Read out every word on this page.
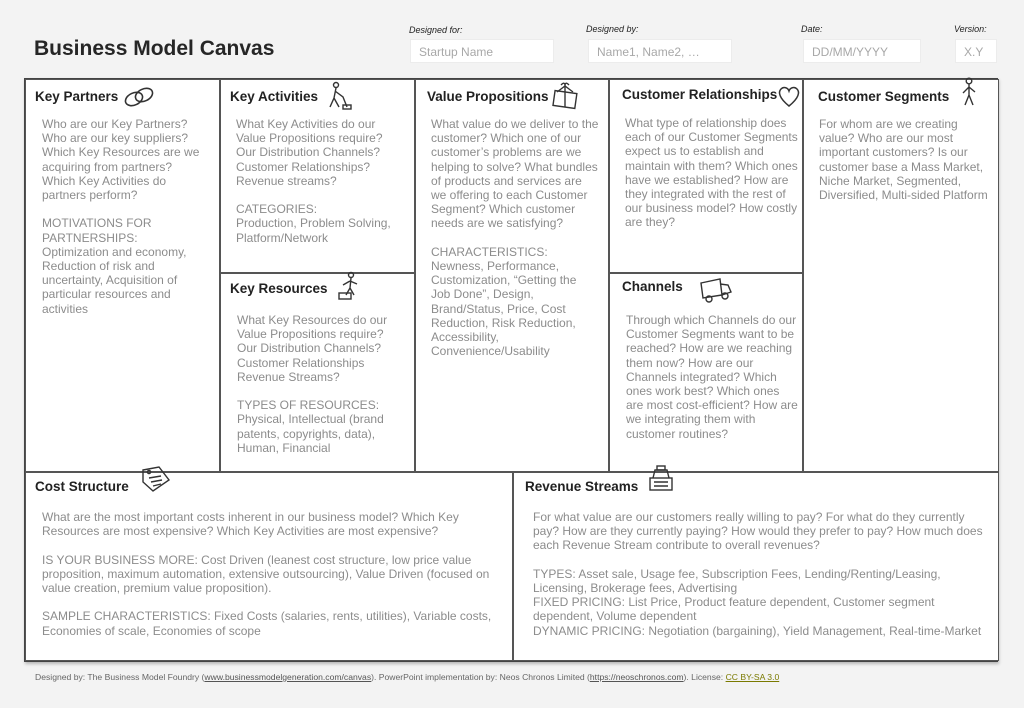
Business Model Canvas
Designed for:
Startup Name
Designed by:
Name1, Name2, …
Date:
DD/MM/YYYY
Version:
X.Y
Key Partners
Who are our Key Partners?
Who are our key suppliers?
Which Key Resources are we acquiring from partners?
Which Key Activities do partners perform?

MOTIVATIONS FOR PARTNERSHIPS:
Optimization and economy, Reduction of risk and uncertainty, Acquisition of particular resources and activities
Key Activities
What Key Activities do our Value Propositions require?
Our Distribution Channels?
Customer Relationships?
Revenue streams?

CATEGORIES:
Production, Problem Solving, Platform/Network
Key Resources
What Key Resources do our Value Propositions require?
Our Distribution Channels?
Customer Relationships
Revenue Streams?

TYPES OF RESOURCES:
Physical, Intellectual (brand patents, copyrights, data), Human, Financial
Value Propositions
What value do we deliver to the customer? Which one of our customer’s problems are we helping to solve? What bundles of products and services are we offering to each Customer Segment? Which customer needs are we satisfying?

CHARACTERISTICS:
Newness, Performance, Customization, “Getting the Job Done”, Design, Brand/Status, Price, Cost Reduction, Risk Reduction, Accessibility, Convenience/Usability
Customer Relationships
What type of relationship does each of our Customer Segments expect us to establish and maintain with them? Which ones have we established? How are they integrated with the rest of our business model? How costly are they?
Channels
Through which Channels do our Customer Segments want to be reached? How are we reaching them now? How are our Channels integrated? Which ones work best? Which ones are most cost-efficient? How are we integrating them with customer routines?
Customer Segments
For whom are we creating value? Who are our most important customers? Is our customer base a Mass Market, Niche Market, Segmented, Diversified, Multi-sided Platform
Cost Structure
What are the most important costs inherent in our business model? Which Key Resources are most expensive? Which Key Activities are most expensive?

IS YOUR BUSINESS MORE: Cost Driven (leanest cost structure, low price value proposition, maximum automation, extensive outsourcing), Value Driven (focused on value creation, premium value proposition).

SAMPLE CHARACTERISTICS: Fixed Costs (salaries, rents, utilities), Variable costs, Economies of scale, Economies of scope
Revenue Streams
For what value are our customers really willing to pay? For what do they currently pay? How are they currently paying? How would they prefer to pay? How much does each Revenue Stream contribute to overall revenues?

TYPES: Asset sale, Usage fee, Subscription Fees, Lending/Renting/Leasing, Licensing, Brokerage fees, Advertising
FIXED PRICING: List Price, Product feature dependent, Customer segment dependent, Volume dependent
DYNAMIC PRICING: Negotiation (bargaining), Yield Management, Real-time-Market
Designed by: The Business Model Foundry (www.businessmodelgeneration.com/canvas). PowerPoint implementation by: Neos Chronos Limited (https://neoschronos.com). License: CC BY-SA 3.0
